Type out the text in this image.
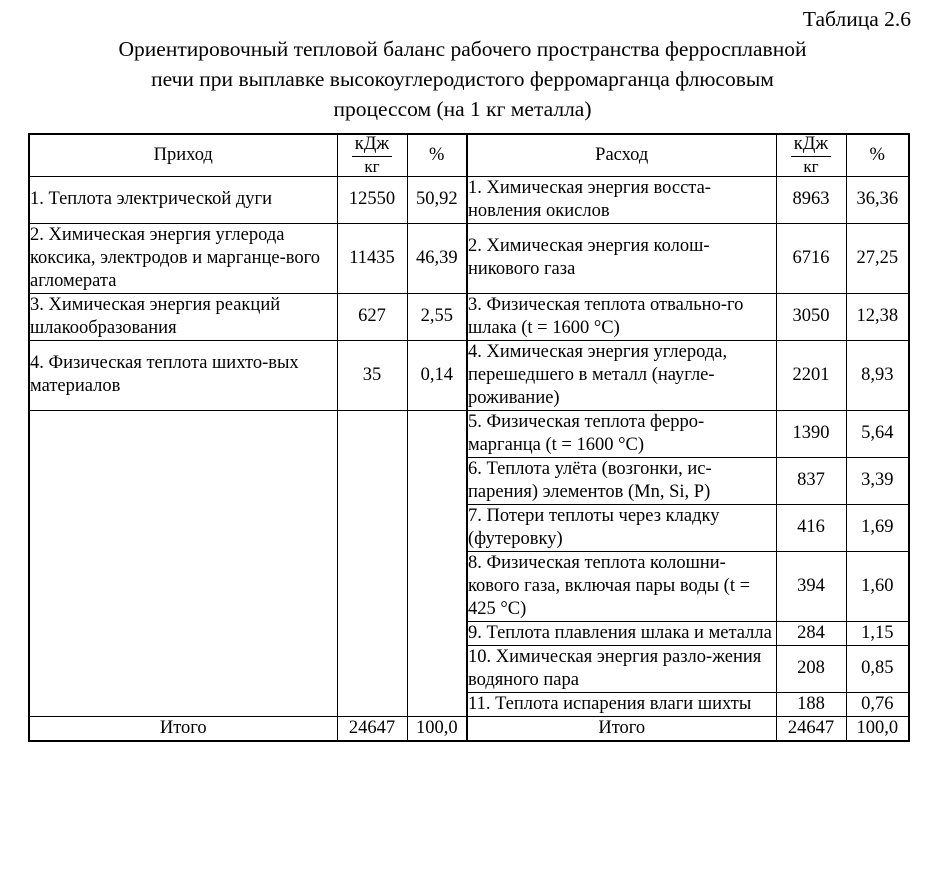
Таблица 2.6
Ориентировочный тепловой баланс рабочего пространства ферросплавной
печи при выплавке высокоуглеродистого ферромарганца флюсовым
процессом (на 1 кг металла)
Приход	$\frac{\text{кДж}}{кг}$	%	Расход	$\frac{\text{кДж}}{кг}$	%
1. Теплота электрической дуги	12550	50,92	1. Химическая энергия восста-новления окислов	8963	36,36
2. Химическая энергия углерода коксика, электродов и марганце-вого агломерата	11435	46,39	2. Химическая энергия колош-никового газа	6716	27,25
3. Химическая энергия реакций шлакообразования	627	2,55	3. Физическая теплота отвально-го шлака (t = 1600 °C)	3050	12,38
4. Физическая теплота шихто-вых материалов	35	0,14	4. Химическая энергия углерода, перешедшего в металл (наугле-роживание)	2201	8,93
			5. Физическая теплота ферро-марганца (t = 1600 °C)	1390	5,64
			6. Теплота улёта (возгонки, ис-парения) элементов (Mn, Si, P)	837	3,39
			7. Потери теплоты через кладку (футеровку)	416	1,69
			8. Физическая теплота колошни-кового газа, включая пары воды (t = 425 °C)	394	1,60
			9. Теплота плавления шлака и металла	284	1,15
			10. Химическая энергия разло-жения водяного пара	208	0,85
			11. Теплота испарения влаги шихты	188	0,76
Итого	24647	100,0	Итого	24647	100,0
